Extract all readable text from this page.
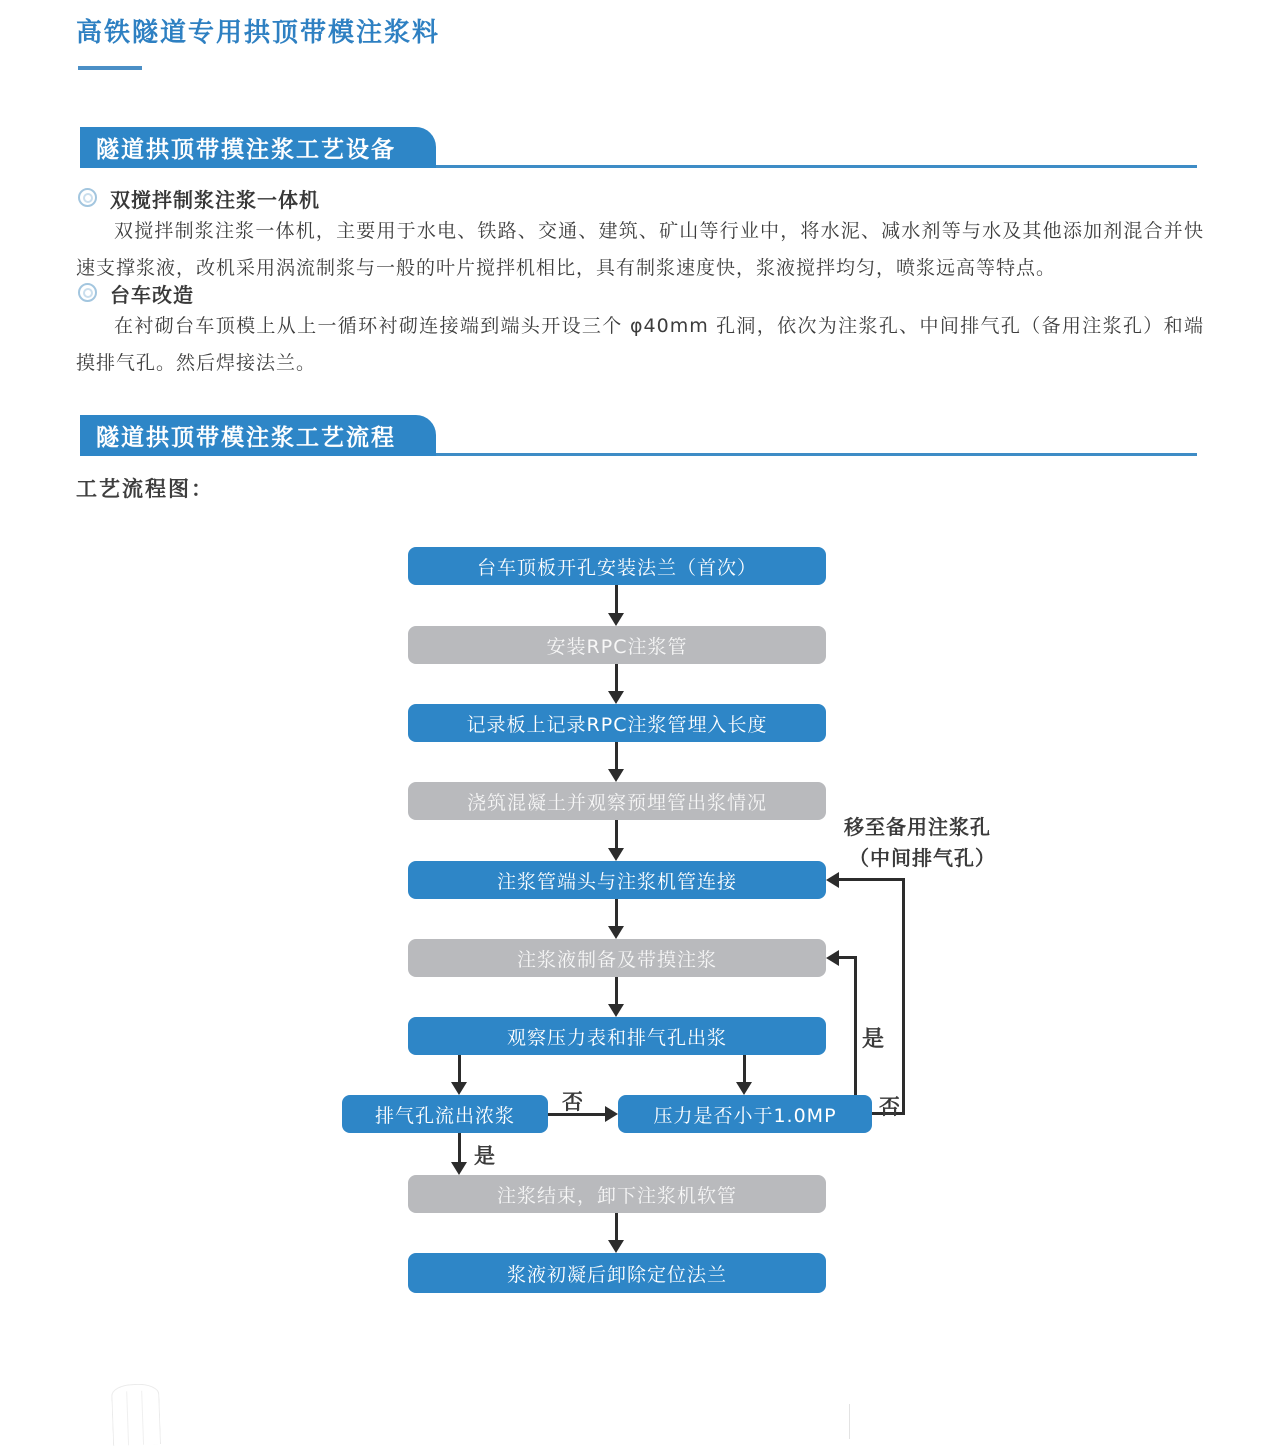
高铁隧道专用拱顶带模注浆料
隧道拱顶带摸注浆工艺设备
双搅拌制浆注浆一体机
双搅拌制浆注浆一体机，主要用于水电、铁路、交通、建筑、矿山等行业中，将水泥、减水剂等与水及其他添加剂混合并快速支撑浆液，改机采用涡流制浆与一般的叶片搅拌机相比，具有制浆速度快，浆液搅拌均匀，喷浆远高等特点。
台车改造
在衬砌台车顶模上从上一循环衬砌连接端到端头开设三个 φ40mm 孔洞，依次为注浆孔、中间排气孔（备用注浆孔）和端摸排气孔。然后焊接法兰。
隧道拱顶带模注浆工艺流程
工艺流程图：
台车顶板开孔安装法兰（首次）
安装RPC注浆管
记录板上记录RPC注浆管埋入长度
浇筑混凝土并观察预埋管出浆情况
注浆管端头与注浆机管连接
注浆液制备及带摸注浆
观察压力表和排气孔出浆
排气孔流出浓浆	压力是否小于1.0MP
注浆结束，卸下注浆机软管
浆液初凝后卸除定位法兰
是
否
是
否
移至备用注浆孔
（中间排气孔）
